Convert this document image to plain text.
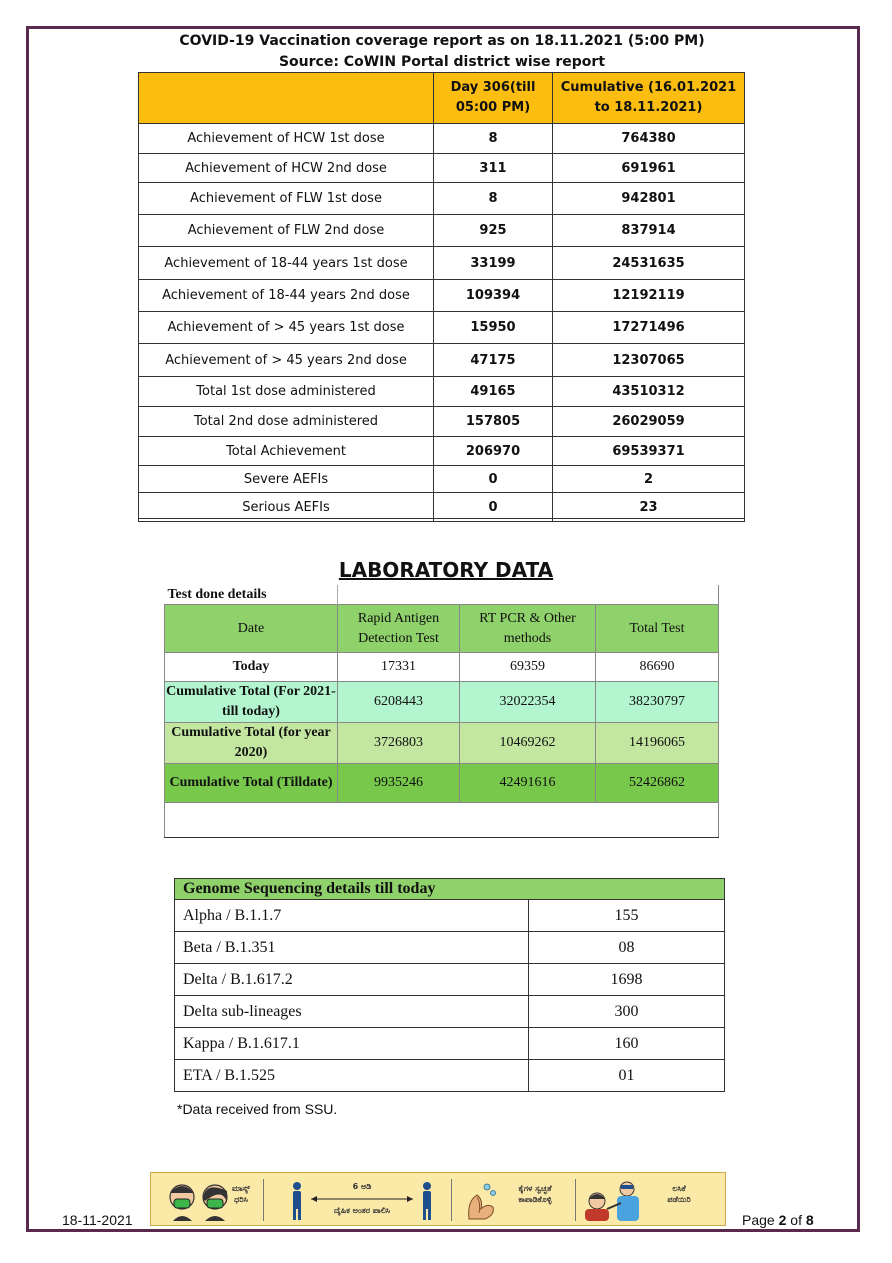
COVID-19 Vaccination coverage report as on 18.11.2021 (5:00 PM)
Source: CoWIN Portal district wise report
	Day 306(till 05:00 PM)	Cumulative (16.01.2021 to 18.11.2021)
Achievement of HCW 1st dose	8	764380
Achievement of HCW 2nd dose	311	691961
Achievement of FLW 1st dose	8	942801
Achievement of FLW 2nd dose	925	837914
Achievement of 18-44 years 1st dose	33199	24531635
Achievement of 18-44 years 2nd dose	109394	12192119
Achievement of > 45 years 1st dose	15950	17271496
Achievement of > 45 years 2nd dose	47175	12307065
Total 1st dose administered	49165	43510312
Total 2nd dose administered	157805	26029059
Total Achievement	206970	69539371
Severe AEFIs	0	2
Serious AEFIs	0	23
LABORATORY DATA
Test done details			
Date	Rapid Antigen Detection Test	RT PCR & Other methods	Total Test
Today	17331	69359	86690
Cumulative Total (For 2021- till today)	6208443	32022354	38230797
Cumulative Total (for year 2020)	3726803	10469262	14196065
Cumulative Total (Tilldate)	9935246	42491616	52426862

Genome Sequencing details till today	
Alpha / B.1.1.7	155
Beta / B.1.351	08
Delta / B.1.617.2	1698
Delta sub-lineages	300
Kappa / B.1.617.1	160
ETA / B.1.525	01
*Data received from SSU.
18-11-2021
ಮಾಸ್ಕ್
ಧರಿಸಿ
6 ಅಡಿ
ದೈಹಿಕ ಅಂತರ ಪಾಲಿಸಿ
ಕೈಗಳ ಸ್ವಚ್ಛತೆ
ಕಾಪಾಡಿಕೊಳ್ಳಿ
ಲಸಿಕೆ
ಪಡೆಯಿರಿ
Page 2 of 8
